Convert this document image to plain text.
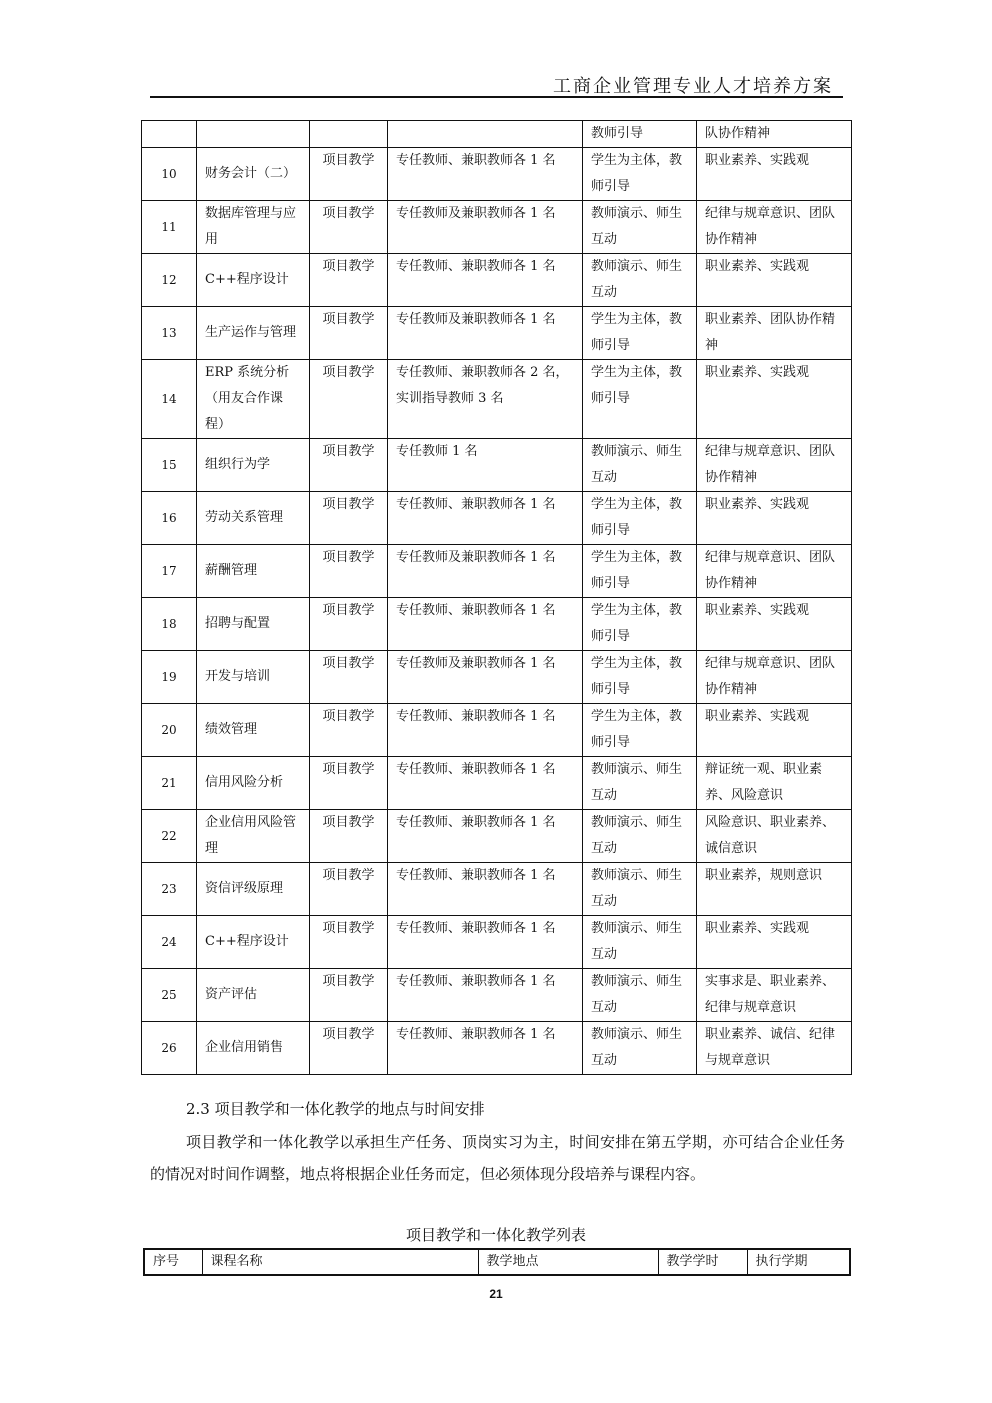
工商企业管理专业人才培养方案
				教师引导	队协作精神
10	财务会计（二）	项目教学	专任教师、兼职教师各 1 名	学生为主体，教师引导	职业素养、实践观
11	数据库管理与应用	项目教学	专任教师及兼职教师各 1 名	教师演示、师生互动	纪律与规章意识、团队协作精神
12	C++程序设计	项目教学	专任教师、兼职教师各 1 名	教师演示、师生互动	职业素养、实践观
13	生产运作与管理	项目教学	专任教师及兼职教师各 1 名	学生为主体，教师引导	职业素养、团队协作精神
14	ERP 系统分析（用友合作课程）	项目教学	专任教师、兼职教师各 2 名，实训指导教师 3 名	学生为主体，教师引导	职业素养、实践观
15	组织行为学	项目教学	专任教师 1 名	教师演示、师生互动	纪律与规章意识、团队协作精神
16	劳动关系管理	项目教学	专任教师、兼职教师各 1 名	学生为主体，教师引导	职业素养、实践观
17	薪酬管理	项目教学	专任教师及兼职教师各 1 名	学生为主体，教师引导	纪律与规章意识、团队协作精神
18	招聘与配置	项目教学	专任教师、兼职教师各 1 名	学生为主体，教师引导	职业素养、实践观
19	开发与培训	项目教学	专任教师及兼职教师各 1 名	学生为主体，教师引导	纪律与规章意识、团队协作精神
20	绩效管理	项目教学	专任教师、兼职教师各 1 名	学生为主体，教师引导	职业素养、实践观
21	信用风险分析	项目教学	专任教师、兼职教师各 1 名	教师演示、师生互动	辩证统一观、职业素养、风险意识
22	企业信用风险管理	项目教学	专任教师、兼职教师各 1 名	教师演示、师生互动	风险意识、职业素养、诚信意识
23	资信评级原理	项目教学	专任教师、兼职教师各 1 名	教师演示、师生互动	职业素养，规则意识
24	C++程序设计	项目教学	专任教师、兼职教师各 1 名	教师演示、师生互动	职业素养、实践观
25	资产评估	项目教学	专任教师、兼职教师各 1 名	教师演示、师生互动	实事求是、职业素养、纪律与规章意识
26	企业信用销售	项目教学	专任教师、兼职教师各 1 名	教师演示、师生互动	职业素养、诚信、纪律与规章意识
2.3 项目教学和一体化教学的地点与时间安排
项目教学和一体化教学以承担生产任务、顶岗实习为主，时间安排在第五学期，亦可结合企业任务的情况对时间作调整，地点将根据企业任务而定，但必须体现分段培养与课程内容。
项目教学和一体化教学列表
序号	课程名称	教学地点	教学学时	执行学期
21
